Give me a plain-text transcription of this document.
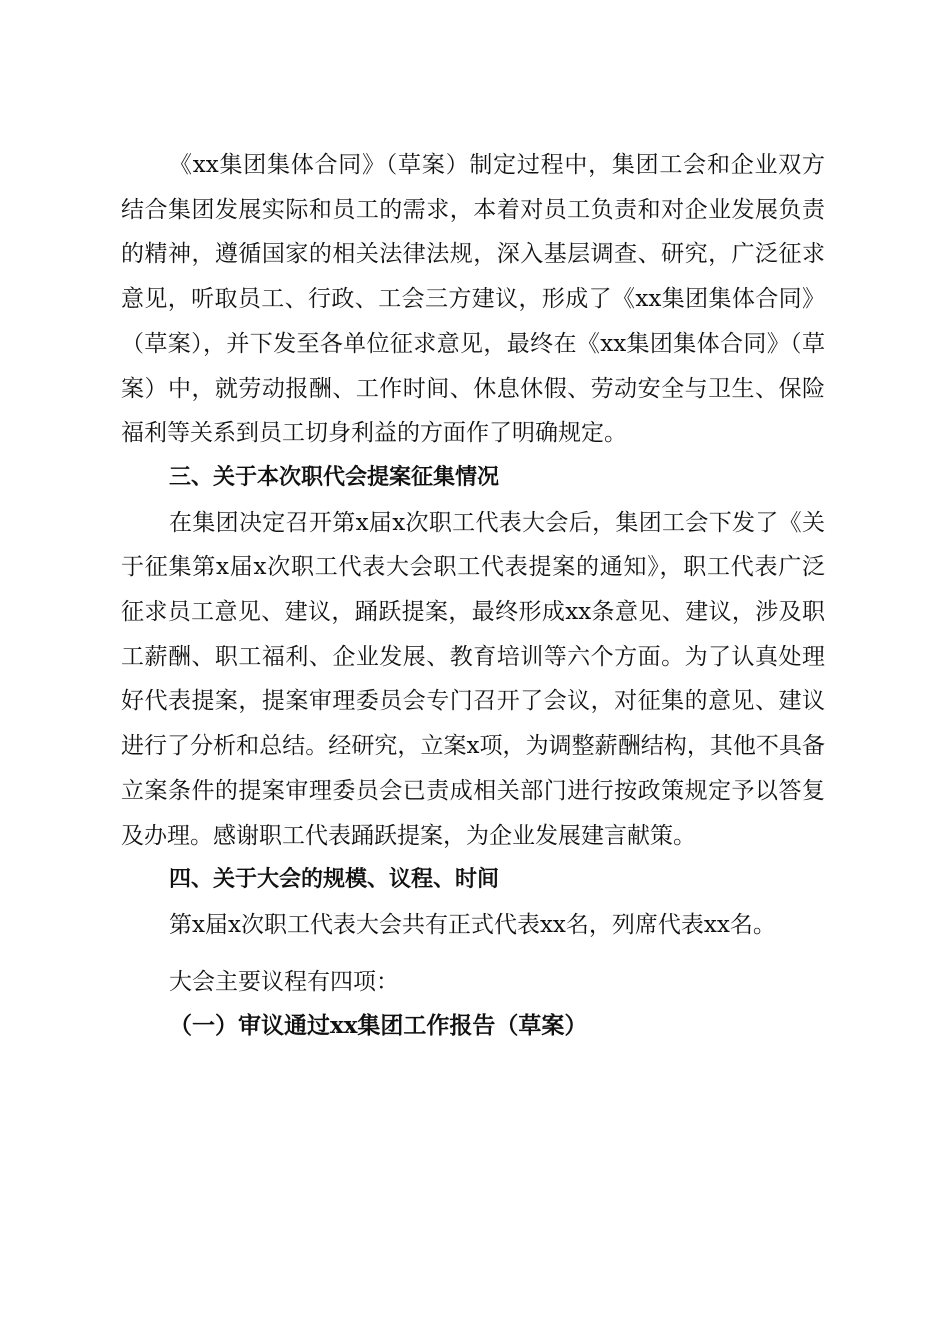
《xx集团集体合同》（草案）制定过程中，集团工会和企业双方结合集团发展实际和员工的需求，本着对员工负责和对企业发展负责的精神，遵循国家的相关法律法规，深入基层调查、研究，广泛征求意见，听取员工、行政、工会三方建议，形成了《xx集团集体合同》（草案），并下发至各单位征求意见，最终在《xx集团集体合同》（草案）中，就劳动报酬、工作时间、休息休假、劳动安全与卫生、保险福利等关系到员工切身利益的方面作了明确规定。

三、关于本次职代会提案征集情况

在集团决定召开第x届x次职工代表大会后，集团工会下发了《关于征集第x届x次职工代表大会职工代表提案的通知》，职工代表广泛征求员工意见、建议，踊跃提案，最终形成xx条意见、建议，涉及职工薪酬、职工福利、企业发展、教育培训等六个方面。为了认真处理好代表提案，提案审理委员会专门召开了会议，对征集的意见、建议进行了分析和总结。经研究，立案x项，为调整薪酬结构，其他不具备立案条件的提案审理委员会已责成相关部门进行按政策规定予以答复及办理。感谢职工代表踊跃提案，为企业发展建言献策。

四、关于大会的规模、议程、时间

第x届x次职工代表大会共有正式代表xx名，列席代表xx名。

大会主要议程有四项：

（一）审议通过xx集团工作报告（草案）
